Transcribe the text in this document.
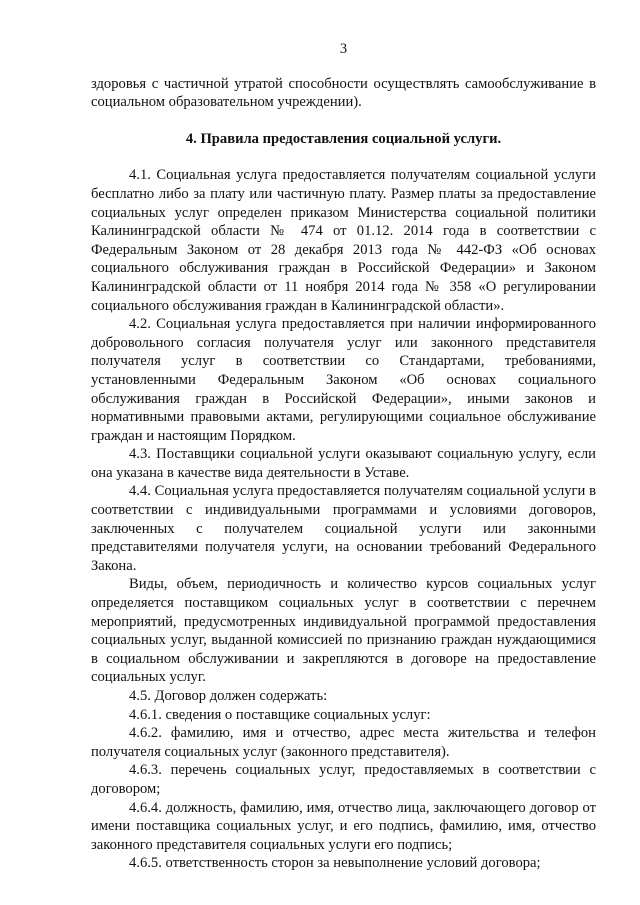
3

здоровья с частичной утратой способности осуществлять самообслуживание в социальном образовательном учреждении).

4. Правила предоставления социальной услуги.

4.1. Социальная услуга предоставляется получателям социальной услуги бесплатно либо за плату или частичную плату. Размер платы за предоставление социальных услуг определен приказом Министерства социальной политики Калининградской области № 474 от 01.12. 2014 года в соответствии с Федеральным Законом от 28 декабря 2013 года № 442-ФЗ «Об основах социального обслуживания граждан в Российской Федерации» и Законом Калининградской области от 11 ноября 2014 года № 358 «О регулировании социального обслуживания граждан в Калининградской области».

4.2. Социальная услуга предоставляется при наличии информированного добровольного согласия получателя услуг или законного представителя получателя услуг в соответствии со Стандартами, требованиями, установленными Федеральным Законом «Об основах социального обслуживания граждан в Российской Федерации», иными законов и нормативными правовыми актами, регулирующими социальное обслуживание граждан и настоящим Порядком.

4.3. Поставщики социальной услуги оказывают социальную услугу, если она указана в качестве вида деятельности в Уставе.

4.4. Социальная услуга предоставляется получателям социальной услуги в соответствии с индивидуальными программами и условиями договоров, заключенных с получателем социальной услуги или законными представителями получателя услуги, на основании требований Федерального Закона.

Виды, объем, периодичность и количество курсов социальных услуг определяется поставщиком социальных услуг в соответствии с перечнем мероприятий, предусмотренных индивидуальной программой предоставления социальных услуг, выданной комиссией по признанию граждан нуждающимися в социальном обслуживании и закрепляются в договоре на предоставление социальных услуг.

4.5. Договор должен содержать:

4.6.1. сведения о поставщике социальных услуг:

4.6.2. фамилию, имя и отчество, адрес места жительства и телефон получателя социальных услуг (законного представителя).

4.6.3. перечень социальных услуг, предоставляемых в соответствии с договором;

4.6.4. должность, фамилию, имя, отчество лица, заключающего договор от имени поставщика социальных услуг, и его подпись, фамилию, имя, отчество законного представителя социальных услуги его подпись;

4.6.5. ответственность сторон за невыполнение условий договора;
